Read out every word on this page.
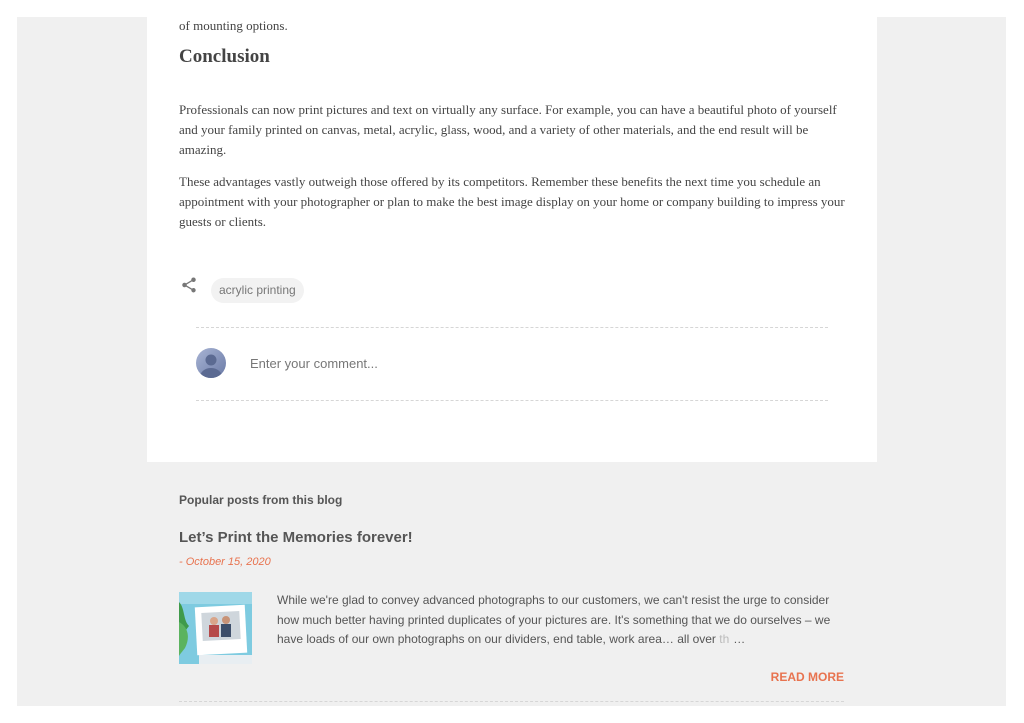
of mounting options.
Conclusion

Professionals can now print pictures and text on virtually any surface. For example, you can have a beautiful photo of yourself and your family printed on canvas, metal, acrylic, glass, wood, and a variety of other materials, and the end result will be amazing.

These advantages vastly outweigh those offered by its competitors. Remember these benefits the next time you schedule an appointment with your photographer or plan to make the best image display on your home or company building to impress your guests or clients.

acrylic printing
Enter your comment...
Popular posts from this blog
Let’s Print the Memories forever!
- October 15, 2020

While we're glad to convey advanced photographs to our customers, we can't resist the urge to consider how much better having printed duplicates of your pictures are. It's something that we do ourselves – we have loads of our own photographs on our dividers, end table, work area… all over th …

READ MORE
